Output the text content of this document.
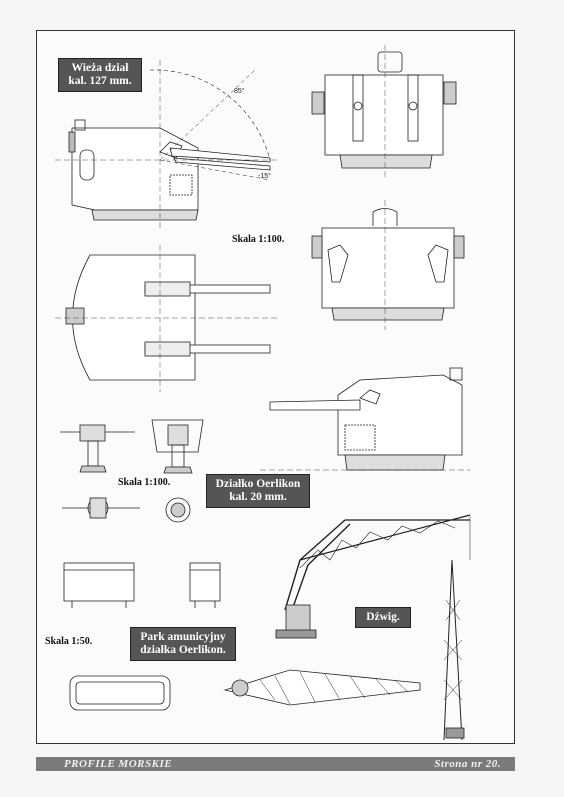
85°
-15°
Wieża dział kal. 127 mm.
Działko Oerlikon kal. 20 mm.
Dźwig.
Park amunicyjny działka Oerlikon.
Skala 1:100.
Skala 1:100.
Skala 1:50.
PROFILE MORSKIE	Strona nr 20.
